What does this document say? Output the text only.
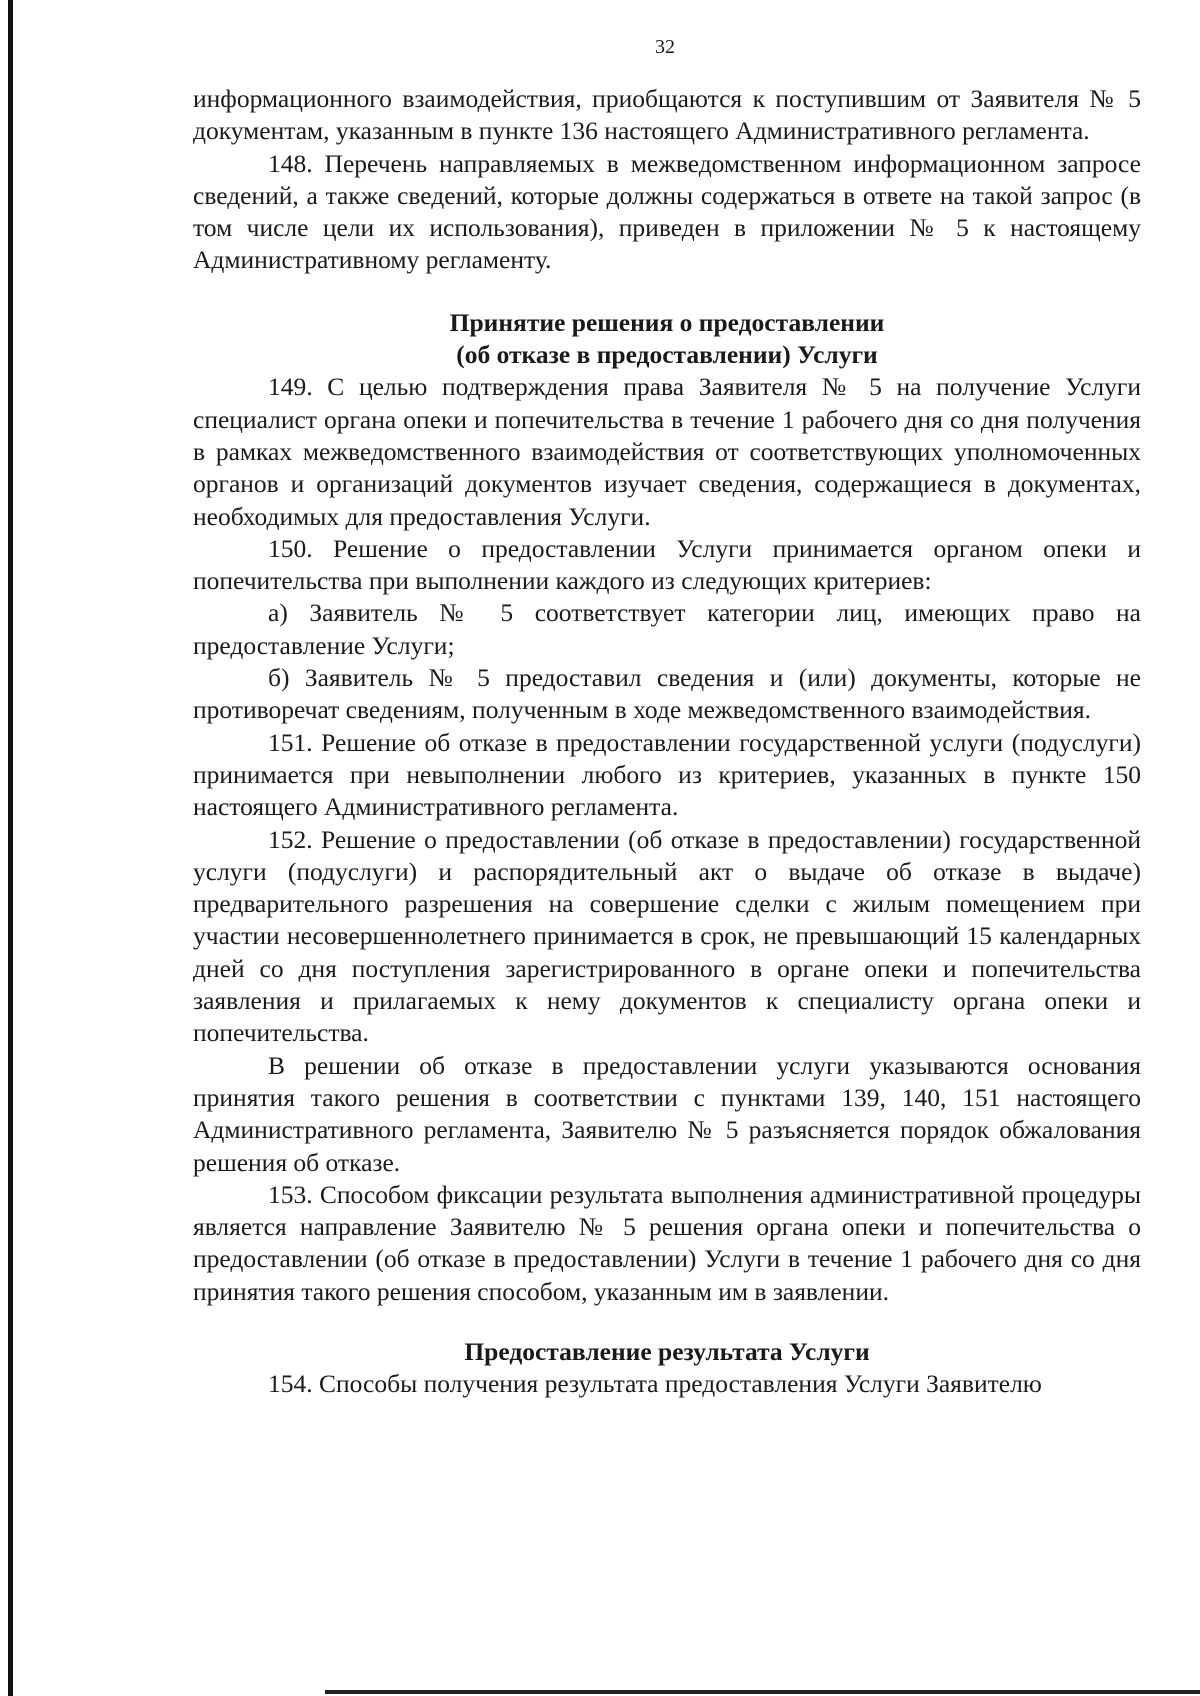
32

информационного взаимодействия, приобщаются к поступившим от Заявителя № 5 документам, указанным в пункте 136 настоящего Административного регламента.

148. Перечень направляемых в межведомственном информационном запросе сведений, а также сведений, которые должны содержаться в ответе на такой запрос (в том числе цели их использования), приведен в приложении № 5 к настоящему Административному регламенту.

Принятие решения о предоставлении
(об отказе в предоставлении) Услуги

149. С целью подтверждения права Заявителя № 5 на получение Услуги специалист органа опеки и попечительства в течение 1 рабочего дня со дня получения в рамках межведомственного взаимодействия от соответствующих уполномоченных органов и организаций документов изучает сведения, содержащиеся в документах, необходимых для предоставления Услуги.

150. Решение о предоставлении Услуги принимается органом опеки и попечительства при выполнении каждого из следующих критериев:

а) Заявитель № 5 соответствует категории лиц, имеющих право на предоставление Услуги;

б) Заявитель № 5 предоставил сведения и (или) документы, которые не противоречат сведениям, полученным в ходе межведомственного взаимодействия.

151. Решение об отказе в предоставлении государственной услуги (подуслуги) принимается при невыполнении любого из критериев, указанных в пункте 150 настоящего Административного регламента.

152. Решение о предоставлении (об отказе в предоставлении) государственной услуги (подуслуги) и распорядительный акт о выдаче об отказе в выдаче) предварительного разрешения на совершение сделки с жилым помещением при участии несовершеннолетнего принимается в срок, не превышающий 15 календарных дней со дня поступления зарегистрированного в органе опеки и попечительства заявления и прилагаемых к нему документов к специалисту органа опеки и попечительства.

В решении об отказе в предоставлении услуги указываются основания принятия такого решения в соответствии с пунктами 139, 140, 151 настоящего Административного регламента, Заявителю № 5 разъясняется порядок обжалования решения об отказе.

153. Способом фиксации результата выполнения административной процедуры является направление Заявителю № 5 решения органа опеки и попечительства о предоставлении (об отказе в предоставлении) Услуги в течение 1 рабочего дня со дня принятия такого решения способом, указанным им в заявлении.

Предоставление результата Услуги

154. Способы получения результата предоставления Услуги Заявителю
